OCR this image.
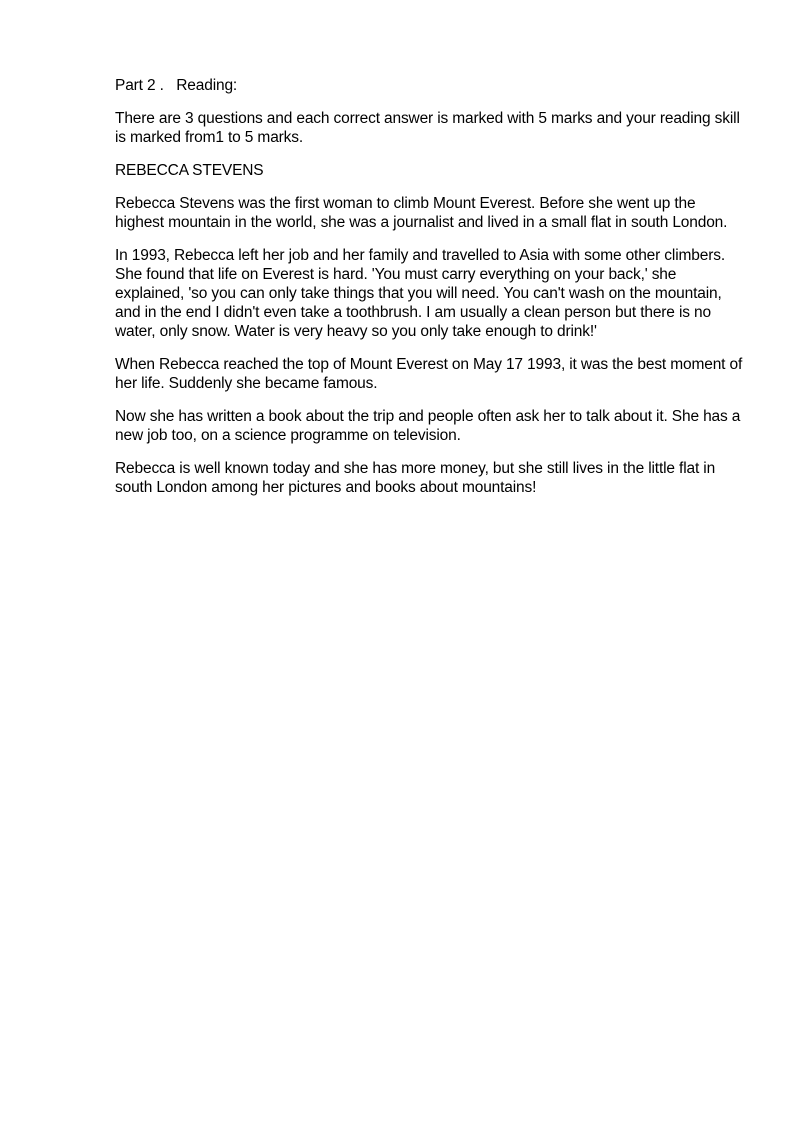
Part 2 .   Reading:

There are 3 questions and each correct answer is marked with 5 marks and your reading skill is marked from1 to 5 marks.

REBECCA STEVENS

Rebecca Stevens was the first woman to climb Mount Everest. Before she went up the highest mountain in the world, she was a journalist and lived in a small flat in south London.

In 1993, Rebecca left her job and her family and travelled to Asia with some other climbers. She found that life on Everest is hard. 'You must carry everything on your back,' she explained, 'so you can only take things that you will need. You can't wash on the mountain, and in the end I didn't even take a toothbrush. I am usually a clean person but there is no water, only snow. Water is very heavy so you only take enough to drink!'

When Rebecca reached the top of Mount Everest on May 17 1993, it was the best moment of her life. Suddenly she became famous.

Now she has written a book about the trip and people often ask her to talk about it. She has a new job too, on a science programme on television.

Rebecca is well known today and she has more money, but she still lives in the little flat in south London among her pictures and books about mountains!
